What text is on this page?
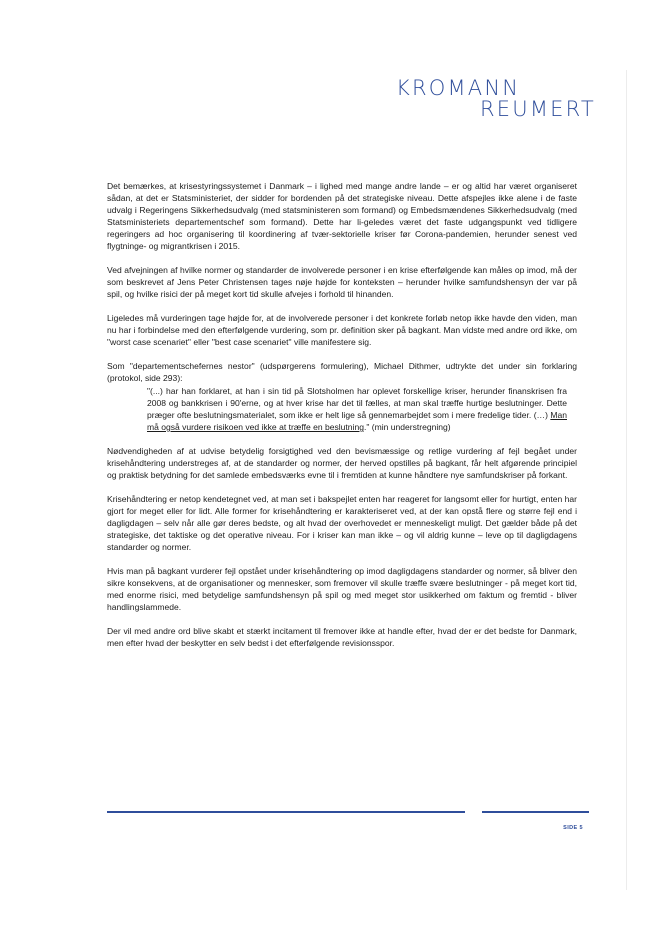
KROMANN
REUMERT

Det bemærkes, at krisestyringssystemet i Danmark – i lighed med mange andre lande – er og altid har været organiseret sådan, at det er Statsministeriet, der sidder for bordenden på det strategiske niveau. Dette afspejles ikke alene i de faste udvalg i Regeringens Sikkerhedsudvalg (med statsministeren som formand) og Embedsmændenes Sikkerhedsudvalg (med Statsministeriets departementschef som formand). Dette har li-geledes været det faste udgangspunkt ved tidligere regeringers ad hoc organisering til koordinering af tvær-sektorielle kriser før Corona-pandemien, herunder senest ved flygtninge- og migrantkrisen i 2015.

Ved afvejningen af hvilke normer og standarder de involverede personer i en krise efterfølgende kan måles op imod, må der som beskrevet af Jens Peter Christensen tages nøje højde for konteksten – herunder hvilke samfundshensyn der var på spil, og hvilke risici der på meget kort tid skulle afvejes i forhold til hinanden.

Ligeledes må vurderingen tage højde for, at de involverede personer i det konkrete forløb netop ikke havde den viden, man nu har i forbindelse med den efterfølgende vurdering, som pr. definition sker på bagkant. Man vidste med andre ord ikke, om "worst case scenariet" eller "best case scenariet" ville manifestere sig.

Som "departementschefernes nestor" (udspørgerens formulering), Michael Dithmer, udtrykte det under sin forklaring (protokol, side 293):

"(...) har han forklaret, at han i sin tid på Slotsholmen har oplevet forskellige kriser, herunder finanskrisen fra 2008 og bankkrisen i 90'erne, og at hver krise har det til fælles, at man skal træffe hurtige beslutninger. Dette præger ofte beslutningsmaterialet, som ikke er helt lige så gennemarbejdet som i mere fredelige tider. (…) Man må også vurdere risikoen ved ikke at træffe en beslutning." (min understregning)

Nødvendigheden af at udvise betydelig forsigtighed ved den bevismæssige og retlige vurdering af fejl begået under krisehåndtering understreges af, at de standarder og normer, der herved opstilles på bagkant, får helt afgørende principiel og praktisk betydning for det samlede embedsværks evne til i fremtiden at kunne håndtere nye samfundskriser på forkant.

Krisehåndtering er netop kendetegnet ved, at man set i bakspejlet enten har reageret for langsomt eller for hurtigt, enten har gjort for meget eller for lidt. Alle former for krisehåndtering er karakteriseret ved, at der kan opstå flere og større fejl end i dagligdagen – selv når alle gør deres bedste, og alt hvad der overhovedet er menneskeligt muligt. Det gælder både på det strategiske, det taktiske og det operative niveau. For i kriser kan man ikke – og vil aldrig kunne – leve op til dagligdagens standarder og normer.

Hvis man på bagkant vurderer fejl opstået under krisehåndtering op imod dagligdagens standarder og normer, så bliver den sikre konsekvens, at de organisationer og mennesker, som fremover vil skulle træffe svære beslutninger - på meget kort tid, med enorme risici, med betydelige samfundshensyn på spil og med meget stor usikkerhed om faktum og fremtid - bliver handlingslammede.

Der vil med andre ord blive skabt et stærkt incitament til fremover ikke at handle efter, hvad der er det bedste for Danmark, men efter hvad der beskytter en selv bedst i det efterfølgende revisionsspor.

SIDE 5
